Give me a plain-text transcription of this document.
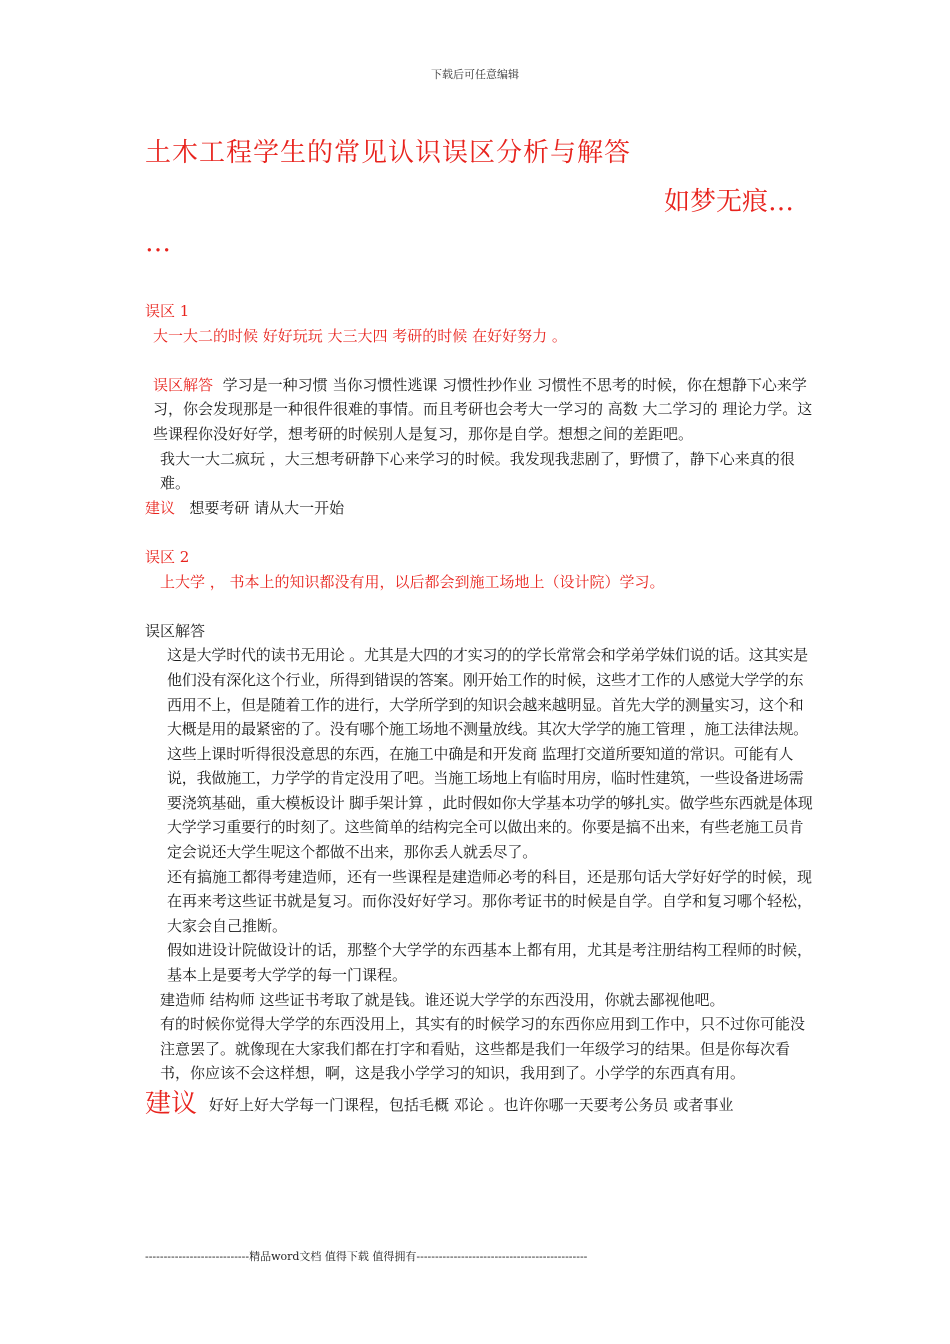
下载后可任意编辑
土木工程学生的常见认识误区分析与解答
如梦无痕…
…

误区 1

大一大二的时候 好好玩玩 大三大四 考研的时候 在好好努力 。

误区解答 学习是一种习惯 当你习惯性逃课 习惯性抄作业 习惯性不思考的时候，你在想静下心来学习，你会发现那是一种很件很难的事情。而且考研也会考大一学习的 高数 大二学习的 理论力学。这些课程你没好好学，想考研的时候别人是复习，那你是自学。想想之间的差距吧。

我大一大二疯玩 ，大三想考研静下心来学习的时候。我发现我悲剧了，野惯了，静下心来真的很难。

建议 想要考研 请从大一开始

误区 2

上大学 ， 书本上的知识都没有用，以后都会到施工场地上（设计院）学习。

误区解答

这是大学时代的读书无用论 。尤其是大四的才实习的的学长常常会和学弟学妹们说的话。这其实是他们没有深化这个行业，所得到错误的答案。刚开始工作的时候，这些才工作的人感觉大学学的东西用不上，但是随着工作的进行，大学所学到的知识会越来越明显。首先大学的测量实习，这个和大概是用的最紧密的了。没有哪个施工场地不测量放线。其次大学学的施工管理 ，施工法律法规。这些上课时听得很没意思的东西，在施工中确是和开发商 监理打交道所要知道的常识。可能有人说，我做施工，力学学的肯定没用了吧。当施工场地上有临时用房，临时性建筑，一些设备进场需要浇筑基础，重大模板设计 脚手架计算 ，此时假如你大学基本功学的够扎实。做学些东西就是体现大学学习重要行的时刻了。这些简单的结构完全可以做出来的。你要是搞不出来，有些老施工员肯定会说还大学生呢这个都做不出来，那你丢人就丢尽了。

还有搞施工都得考建造师，还有一些课程是建造师必考的科目，还是那句话大学好好学的时候，现在再来考这些证书就是复习。而你没好好学习。那你考证书的时候是自学。自学和复习哪个轻松，大家会自己推断。

假如进设计院做设计的话，那整个大学学的东西基本上都有用，尤其是考注册结构工程师的时候，基本上是要考大学学的每一门课程。

建造师 结构师 这些证书考取了就是钱。谁还说大学学的东西没用，你就去鄙视他吧。

有的时候你觉得大学学的东西没用上，其实有的时候学习的东西你应用到工作中，只不过你可能没注意罢了。就像现在大家我们都在打字和看贴，这些都是我们一年级学习的结果。但是你每次看书，你应该不会这样想，啊，这是我小学学习的知识，我用到了。小学学的东西真有用。

建议 好好上好大学每一门课程，包括毛概 邓论 。也许你哪一天要考公务员 或者事业

----------------------------精品word文档 值得下载 值得拥有----------------------------------------------
